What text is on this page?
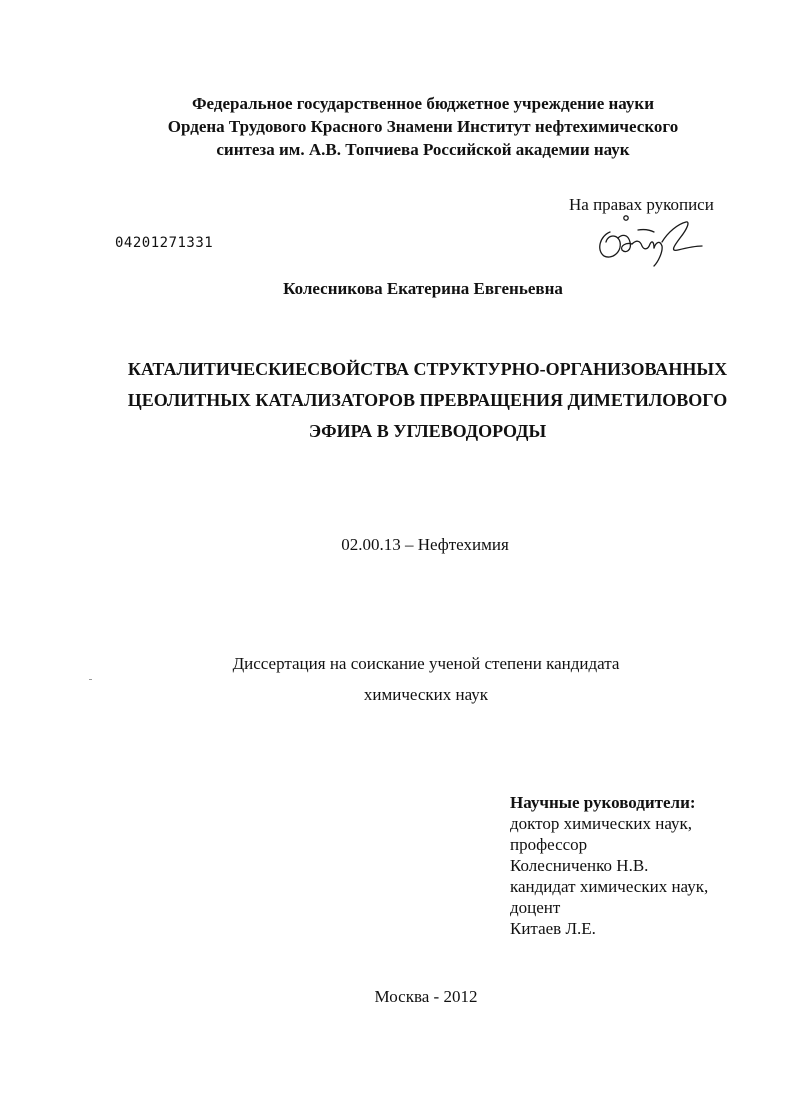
Федеральное государственное бюджетное учреждение науки
Ордена Трудового Красного Знамени Институт нефтехимического
синтеза им. А.В. Топчиева Российской академии наук
На правах рукописи
04201271331
Колесникова Екатерина Евгеньевна
КАТАЛИТИЧЕСКИЕСВОЙСТВА СТРУКТУРНО-ОРГАНИЗОВАННЫХ
ЦЕОЛИТНЫХ КАТАЛИЗАТОРОВ ПРЕВРАЩЕНИЯ ДИМЕТИЛОВОГО
ЭФИРА В УГЛЕВОДОРОДЫ
02.00.13 – Нефтехимия
Диссертация на соискание ученой степени кандидата
химических наук
Научные руководители:
доктор химических наук,
профессор
Колесниченко Н.В.
кандидат химических наук,
доцент
Китаев Л.Е.
Москва - 2012
